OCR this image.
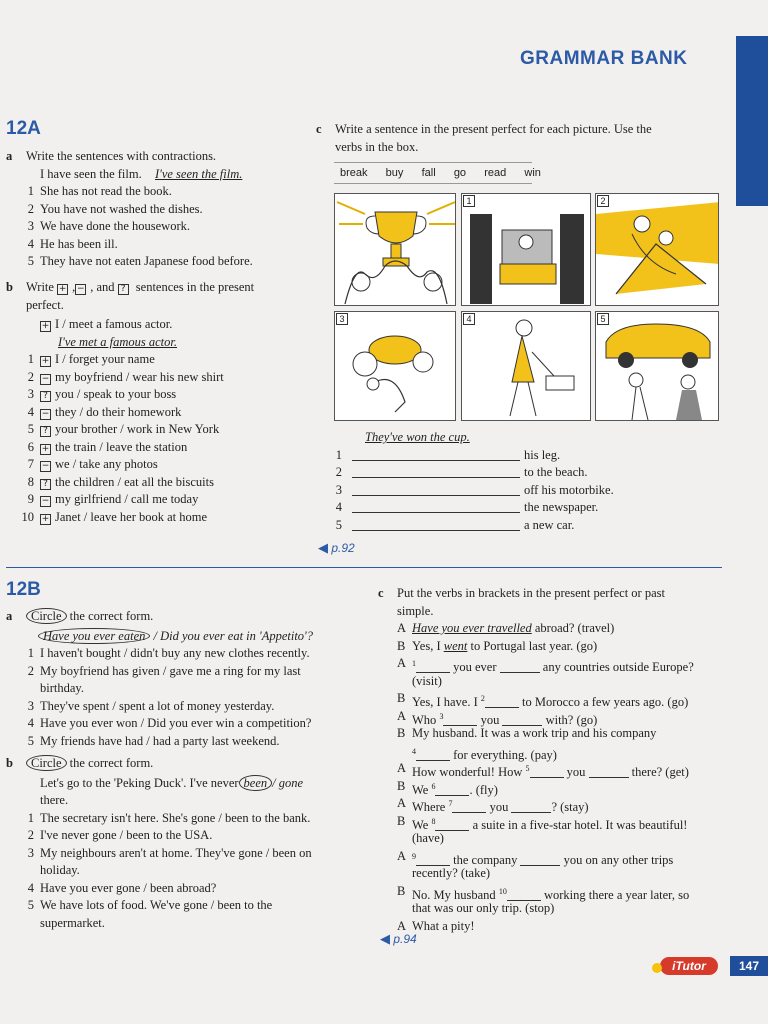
GRAMMAR BANK
12A
a Write the sentences with contractions.
I have seen the film. I've seen the film.
1 She has not read the book.
2 You have not washed the dishes.
3 We have done the housework.
4 He has been ill.
5 They have not eaten Japanese food before.
b Write + , − , and ? sentences in the present
perfect.
+ I / meet a famous actor.
I've met a famous actor.
1 + I / forget your name
2 − my boyfriend / wear his new shirt
3	? you / speak to your boss
4 − they / do their homework
5	? your brother / work in New York
6 + the train / leave the station
7 − we / take any photos
8	? the children / eat all the biscuits
9 − my girlfriend / call me today
10 + Janet / leave her book at home
c Write a sentence in the present perfect for each picture. Use the
verbs in the box.
break   buy   fall   go   read   win
1	2
3	4	5
They've won the cup.
1	his leg.
2	to the beach.
3	off his motorbike.
4	the newspaper.
5	a new car.
◀ p.92
12B
a	Circle the correct form.
Have you ever eaten / Did you ever eat in 'Appetito'?
1 I haven't bought / didn't buy any new clothes recently.
2 My boyfriend has given / gave me a ring for my last
birthday.
3 They've spent / spent a lot of money yesterday.
4 Have you ever won / Did you ever win a competition?
5 My friends have had / had a party last weekend.
b	Circle the correct form.
Let's go to the 'Peking Duck'. I've never been / gone
there.
1 The secretary isn't here. She's gone / been to the bank.
2 I've never gone / been to the USA.
3 My neighbours aren't at home. They've gone / been on
holiday.
4 Have you ever gone / been abroad?
5 We have lots of food. We've gone / been to the
supermarket.
c Put the verbs in brackets in the present perfect or past
simple.
A Have you ever travelled abroad? (travel)
B Yes, I went to Portugal last year. (go)
A $^1$	you ever	any countries outside Europe?
(visit)
B Yes, I have. I $^2$	to Morocco a few years ago. (go)
A Who $^3$	you	with? (go)
B My husband. It was a work trip and his company
$^4$	for everything. (pay)
A How wonderful! How $^5$	you	there? (get)
B We $^6$	. (fly)
A Where $^7$	you	? (stay)
B We $^8$	a suite in a five-star hotel. It was beautiful!
(have)
A $^9$	the company	you on any other trips
recently? (take)
B No. My husband $^{10}$	working there a year later, so
that was our only trip. (stop)
A What a pity!
◀ p.94
iTutor	147
